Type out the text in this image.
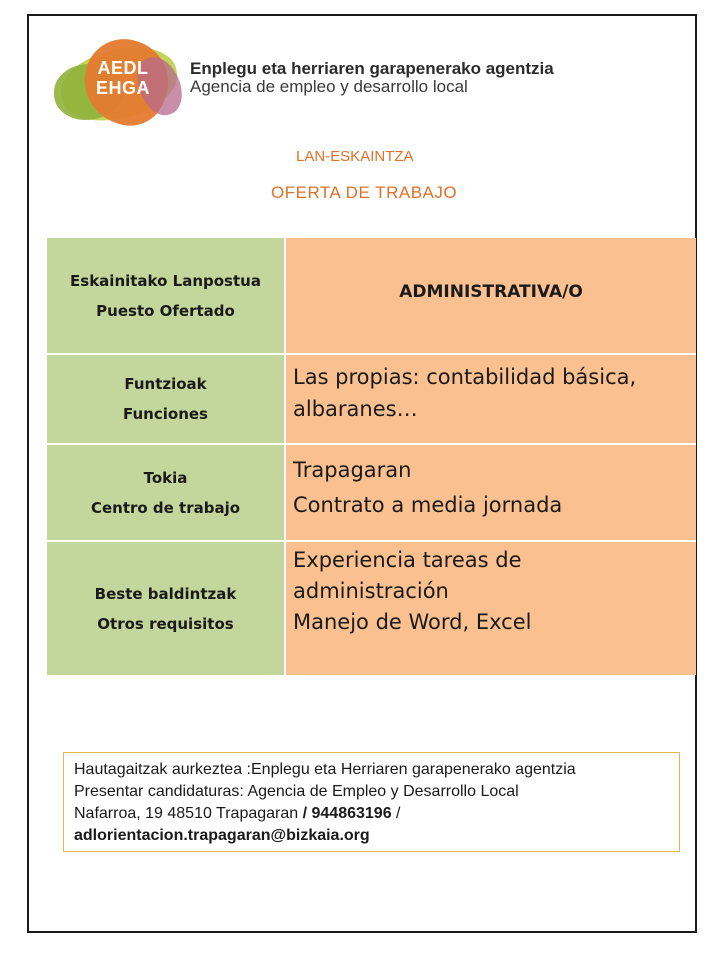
AEDL
EHGA
Enplegu eta herriaren garapenerako agentzia
Agencia de empleo y desarrollo local
LAN-ESKAINTZA
OFERTA DE TRABAJO
Eskainitako Lanpostua
Puesto Ofertado
ADMINISTRATIVA/O
Funtzioak
Funciones
Las propias: contabilidad básica,
albaranes…
Tokia
Centro de trabajo
Trapagaran
Contrato a media jornada
Beste baldintzak
Otros requisitos
Experiencia tareas de
administración
Manejo de Word, Excel
Hautagaitzak aurkeztea :Enplegu eta Herriaren garapenerako agentzia
Presentar candidaturas: Agencia de Empleo y Desarrollo Local
Nafarroa, 19 48510 Trapagaran / 944863196 /
adlorientacion.trapagaran@bizkaia.org
